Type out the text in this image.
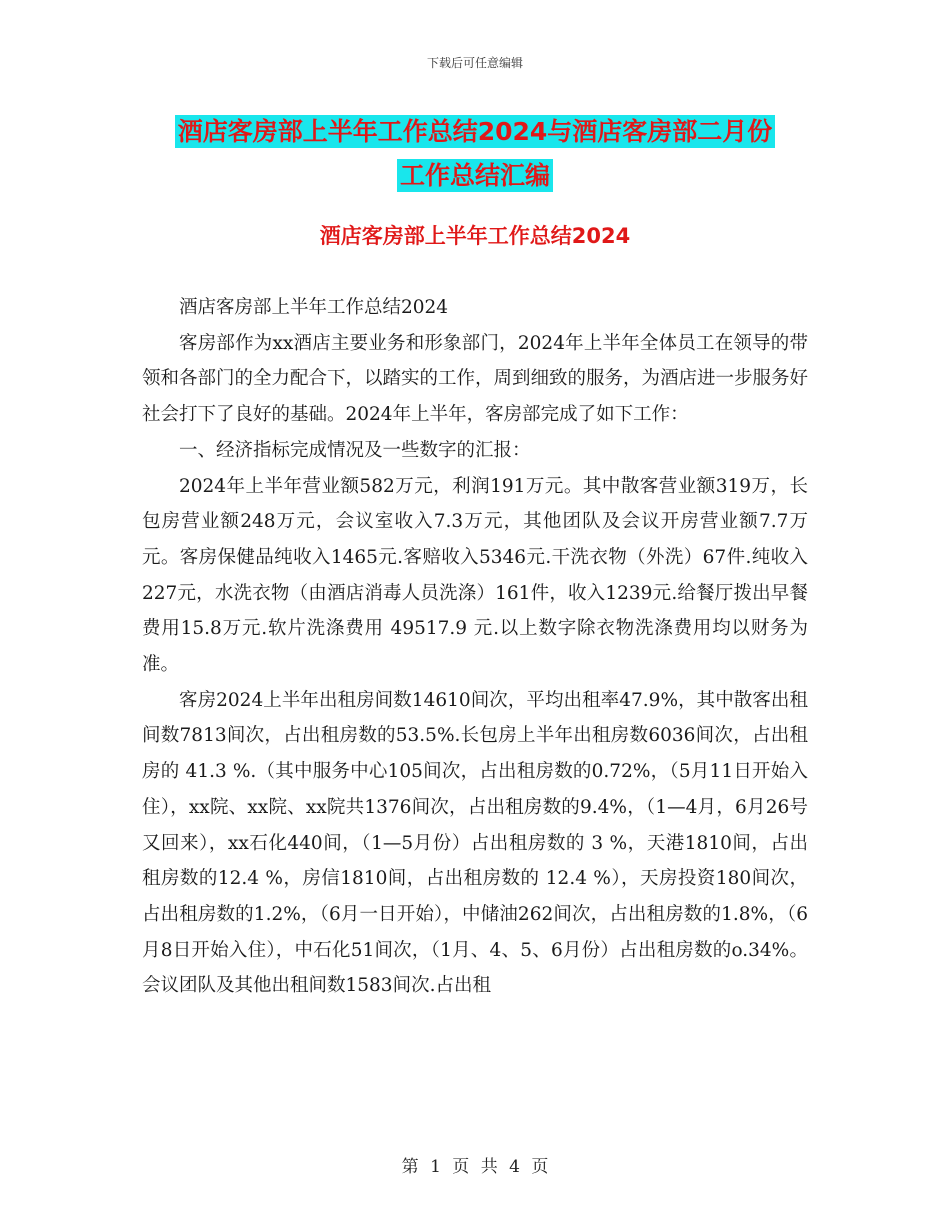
下载后可任意编辑
酒店客房部上半年工作总结2024与酒店客房部二月份
工作总结汇编
酒店客房部上半年工作总结2024

酒店客房部上半年工作总结2024

客房部作为xx酒店主要业务和形象部门，2024年上半年全体员工在领导的带领和各部门的全力配合下，以踏实的工作，周到细致的服务，为酒店进一步服务好社会打下了良好的基础。2024年上半年，客房部完成了如下工作：

一、经济指标完成情况及一些数字的汇报：

2024年上半年营业额582万元，利润191万元。其中散客营业额319万，长包房营业额248万元，会议室收入7.3万元，其他团队及会议开房营业额7.7万元。客房保健品纯收入1465元.客赔收入5346元.干洗衣物（外洗）67件.纯收入227元，水洗衣物（由酒店消毒人员洗涤）161件，收入1239元.给餐厅拨出早餐费用15.8万元.软片洗涤费用 49517.9 元.以上数字除衣物洗涤费用均以财务为准。

客房2024上半年出租房间数14610间次，平均出租率47.9%，其中散客出租间数7813间次，占出租房数的53.5%.长包房上半年出租房数6036间次，占出租房的 41.3 %.（其中服务中心105间次，占出租房数的0.72%，（5月11日开始入住），xx院、xx院、xx院共1376间次，占出租房数的9.4%，（1—4月，6月26号又回来），xx石化440间，（1—5月份）占出租房数的 3 %，天港1810间，占出租房数的12.4 %，房信1810间，占出租房数的 12.4 %），天房投资180间次，占出租房数的1.2%，（6月一日开始），中储油262间次，占出租房数的1.8%，（6月8日开始入住），中石化51间次，（1月、4、5、6月份）占出租房数的o.34%。会议团队及其他出租间数1583间次.占出租

第 1 页 共 4 页
